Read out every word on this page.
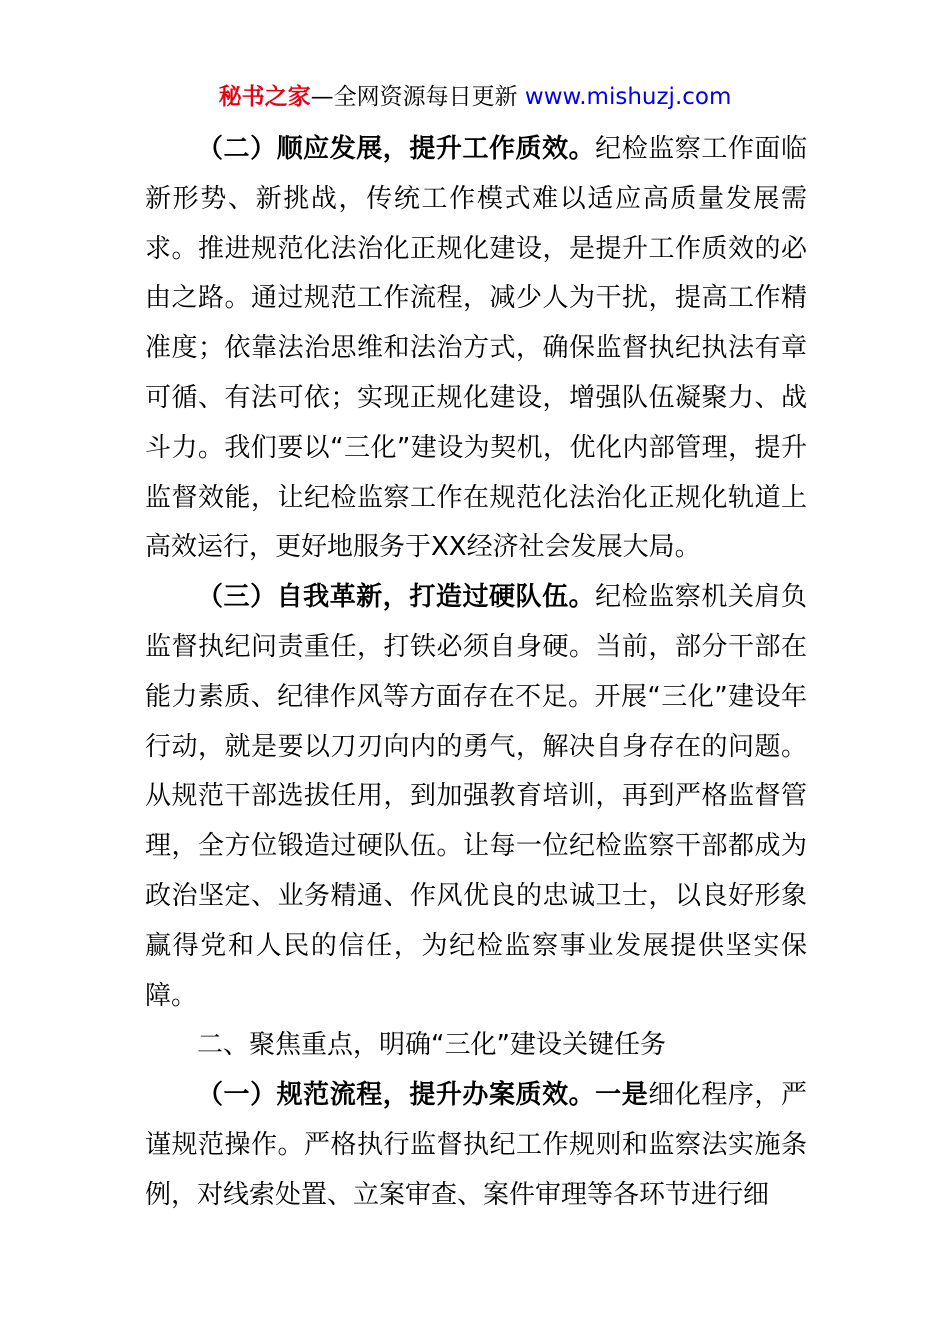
秘书之家—全网资源每日更新 www.mishuzj.com

（二）顺应发展，提升工作质效。纪检监察工作面临新形势、新挑战，传统工作模式难以适应高质量发展需求。推进规范化法治化正规化建设，是提升工作质效的必由之路。通过规范工作流程，减少人为干扰，提高工作精准度；依靠法治思维和法治方式，确保监督执纪执法有章可循、有法可依；实现正规化建设，增强队伍凝聚力、战斗力。我们要以“三化”建设为契机，优化内部管理，提升监督效能，让纪检监察工作在规范化法治化正规化轨道上高效运行，更好地服务于XX经济社会发展大局。

（三）自我革新，打造过硬队伍。纪检监察机关肩负监督执纪问责重任，打铁必须自身硬。当前，部分干部在能力素质、纪律作风等方面存在不足。开展“三化”建设年行动，就是要以刀刃向内的勇气，解决自身存在的问题。从规范干部选拔任用，到加强教育培训，再到严格监督管理，全方位锻造过硬队伍。让每一位纪检监察干部都成为政治坚定、业务精通、作风优良的忠诚卫士，以良好形象赢得党和人民的信任，为纪检监察事业发展提供坚实保障。

二、聚焦重点，明确“三化”建设关键任务

（一）规范流程，提升办案质效。一是细化程序，严谨规范操作。严格执行监督执纪工作规则和监察法实施条例，对线索处置、立案审查、案件审理等各环节进行细
